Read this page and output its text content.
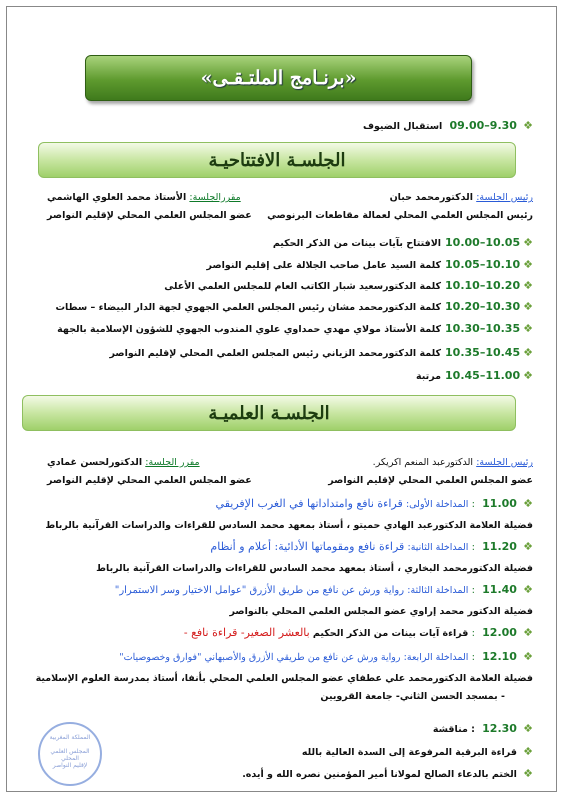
«برنـامج الملتـقـى»
❖ 09.00–9.30 استقبال الضيوف
الجلسـة الافتتاحيـة
رئيس الجلسة: الدكتورمحمد حبان
رئيس المجلس العلمي المحلي لعمالة مقاطعات البرنوصي
مقررالجلسة: الأستاذ محمد العلوي الهاشمي
عضو المجلس العلمي المحلي لإقليم النواصر
❖10.00–10.05الافتتاح بآيات بينات من الذكر الحكيم
❖10.05–10.10كلمة السيد عامل صاحب الجلالة على إقليم النواصر
❖10.10–10.20كلمة الدكتورسعيد شبار الكاتب العام للمجلس العلمي الأعلى
❖10.20–10.30كلمة الدكتورمحمد مشان رئيس المجلس العلمي الجهوي لجهة الدار البيضاء – سطات
❖10.30–10.35كلمة الأستاذ مولاي مهدي حمداوي علوي المندوب الجهوي للشؤون الإسلامية بالجهة
❖10.35–10.45كلمة الدكتورمحمد الزياني رئيس المجلس العلمي المحلي لإقليم النواصر
❖10.45–11.00مرتبة
الجلسـة العلميـة
رئيس الجلسة: الدكتورعبد المنعم اكريكر.
عضو المجلس العلمي المحلي لإقليم النواصر
مقرر الجلسة: الدكتورلحسن غمادي
عضو المجلس العلمي المحلي لإقليم النواصر
❖ 11.00 : المداخلة الأولى: قراءة نافع وامتداداتها في الغرب الإفريقي
فضيلة العلامة الدكتورعبد الهادي حميتو ، أستاذ بمعهد محمد السادس للقراءات والدراسات القرآنية بالرباط
❖ 11.20 : المداخلة الثانية: قراءة نافع ومقوماتها الأدائية: أعلام و أنظام
فضيلة الدكتورمحمد البخاري ، أستاذ بمعهد محمد السادس للقراءات والدراسات القرآنية بالرباط
❖ 11.40 : المداخلة الثالثة: رواية ورش عن نافع من طريق الأزرق "عوامل الاختيار وسر الاستمرار"
فضيلة الدكتور محمد إراوي عضو المجلس العلمي المحلي بالنواصر
❖ 12.00 : قراءة آيات بينات من الذكر الحكيم بالعشر الصغير- قراءة نافع -
❖ 12.10 : المداخلة الرابعة: رواية ورش عن نافع من طريقي الأزرق والأصبهاني "فوارق وخصوصيات"
فضيلة العلامة الدكتورمحمد علي عطفاي عضو المجلس العلمي المحلي بأنفا، أستاذ بمدرسة العلوم الإسلامية
- بمسجد الحسن الثاني- جامعة القرويين
❖ 12.30 : مناقشة
❖ قراءة البرقية المرفوعة إلى السدة العالية بالله
❖ الختم بالدعاء الصالح لمولانا أمير المؤمنين نصره الله و أيده.
المملكة المغربية
المجلس العلمي المحلي
لإقليم النواصر
